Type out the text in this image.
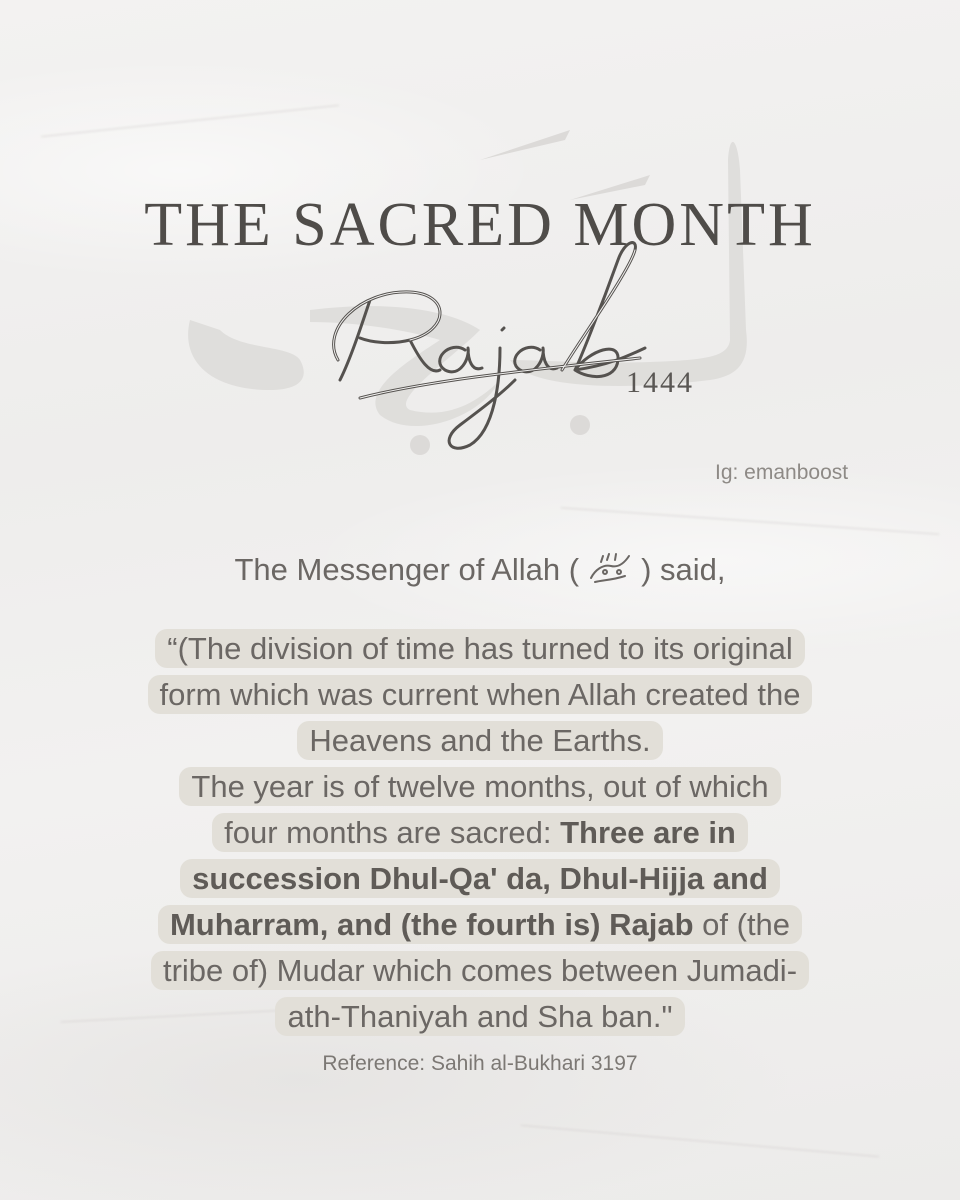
THE SACRED MONTH
1444
Ig: emanboost
The Messenger of Allah ( ) said,
“(The division of time has turned to its original
form which was current when Allah created the
Heavens and the Earths.
The year is of twelve months, out of which
four months are sacred: Three are in
succession Dhul-Qa' da, Dhul-Hijja and
Muharram, and (the fourth is) Rajab of (the
tribe of) Mudar which comes between Jumadi-
ath-Thaniyah and Sha ban."
Reference: Sahih al-Bukhari 3197
